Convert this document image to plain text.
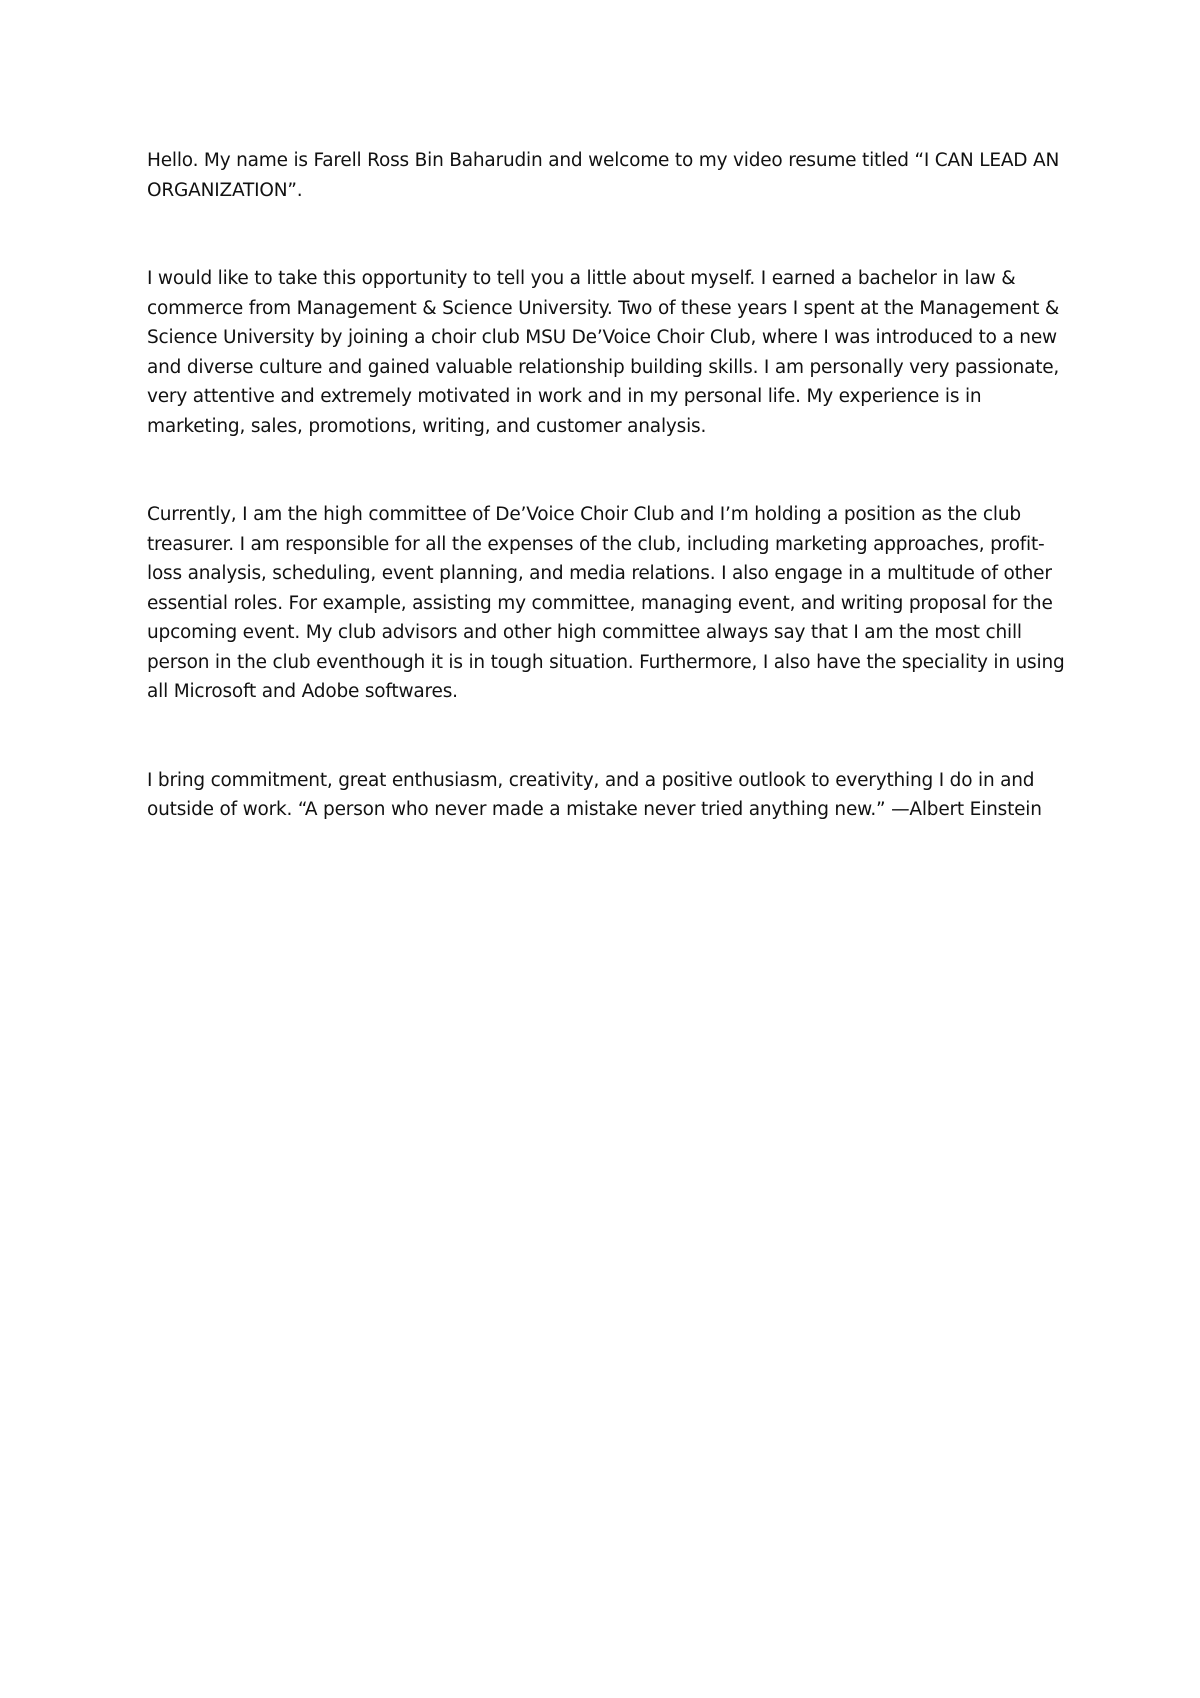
Hello. My name is Farell Ross Bin Baharudin and welcome to my video resume titled “I CAN LEAD AN
ORGANIZATION”.

I would like to take this opportunity to tell you a little about myself. I earned a bachelor in law &
commerce from Management & Science University. Two of these years I spent at the Management &
Science University by joining a choir club MSU De’Voice Choir Club, where I was introduced to a new
and diverse culture and gained valuable relationship building skills. I am personally very passionate,
very attentive and extremely motivated in work and in my personal life. My experience is in
marketing, sales, promotions, writing, and customer analysis.

Currently, I am the high committee of De’Voice Choir Club and I’m holding a position as the club
treasurer. I am responsible for all the expenses of the club, including marketing approaches, profit-
loss analysis, scheduling, event planning, and media relations. I also engage in a multitude of other
essential roles. For example, assisting my committee, managing event, and writing proposal for the
upcoming event. My club advisors and other high committee always say that I am the most chill
person in the club eventhough it is in tough situation. Furthermore, I also have the speciality in using
all Microsoft and Adobe softwares.

I bring commitment, great enthusiasm, creativity, and a positive outlook to everything I do in and
outside of work. “A person who never made a mistake never tried anything new.” —Albert Einstein
